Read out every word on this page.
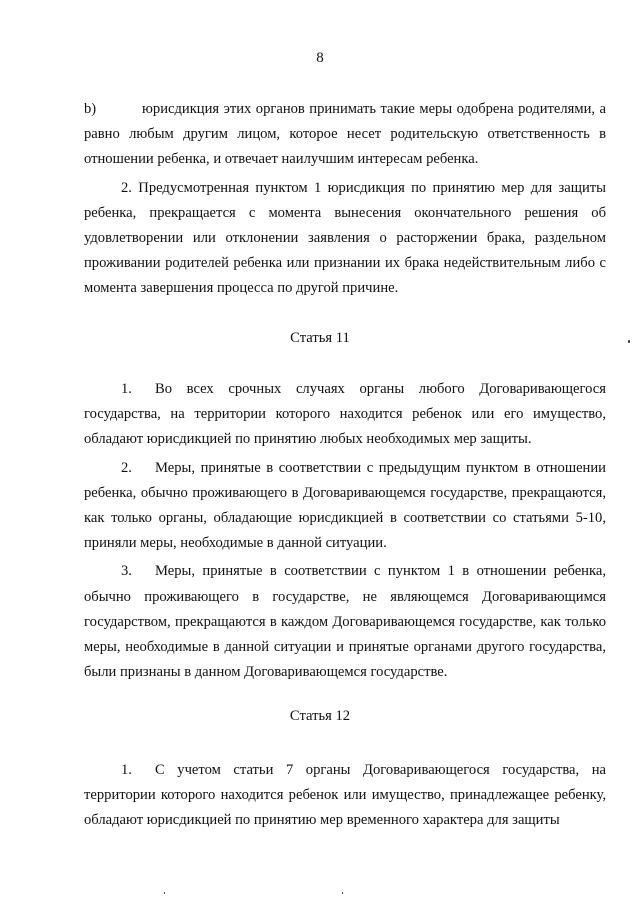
8

b)	юрисдикция этих органов принимать такие меры одобрена родителями, а равно любым другим лицом, которое несет родительскую ответственность в отношении ребенка, и отвечает наилучшим интересам ребенка.

2. Предусмотренная пунктом 1 юрисдикция по принятию мер для защиты ребенка, прекращается с момента вынесения окончательного решения об удовлетворении или отклонении заявления о расторжении брака, раздельном проживании родителей ребенка или признании их брака недействительным либо с момента завершения процесса по другой причине.

Статья 11

1. Во всех срочных случаях органы любого Договаривающегося государства, на территории которого находится ребенок или его имущество, обладают юрисдикцией по принятию любых необходимых мер защиты.

2. Меры, принятые в соответствии с предыдущим пунктом в отношении ребенка, обычно проживающего в Договаривающемся государстве, прекращаются, как только органы, обладающие юрисдикцией в соответствии со статьями 5-10, приняли меры, необходимые в данной ситуации.

3. Меры, принятые в соответствии с пунктом 1 в отношении ребенка, обычно проживающего в государстве, не являющемся Договаривающимся государством, прекращаются в каждом Договаривающемся государстве, как только меры, необходимые в данной ситуации и принятые органами другого государства, были признаны в данном Договаривающемся государстве.

Статья 12

1. С учетом статьи 7 органы Договаривающегося государства, на территории которого находится ребенок или имущество, принадлежащее ребенку, обладают юрисдикцией по принятию мер временного характера для защиты
